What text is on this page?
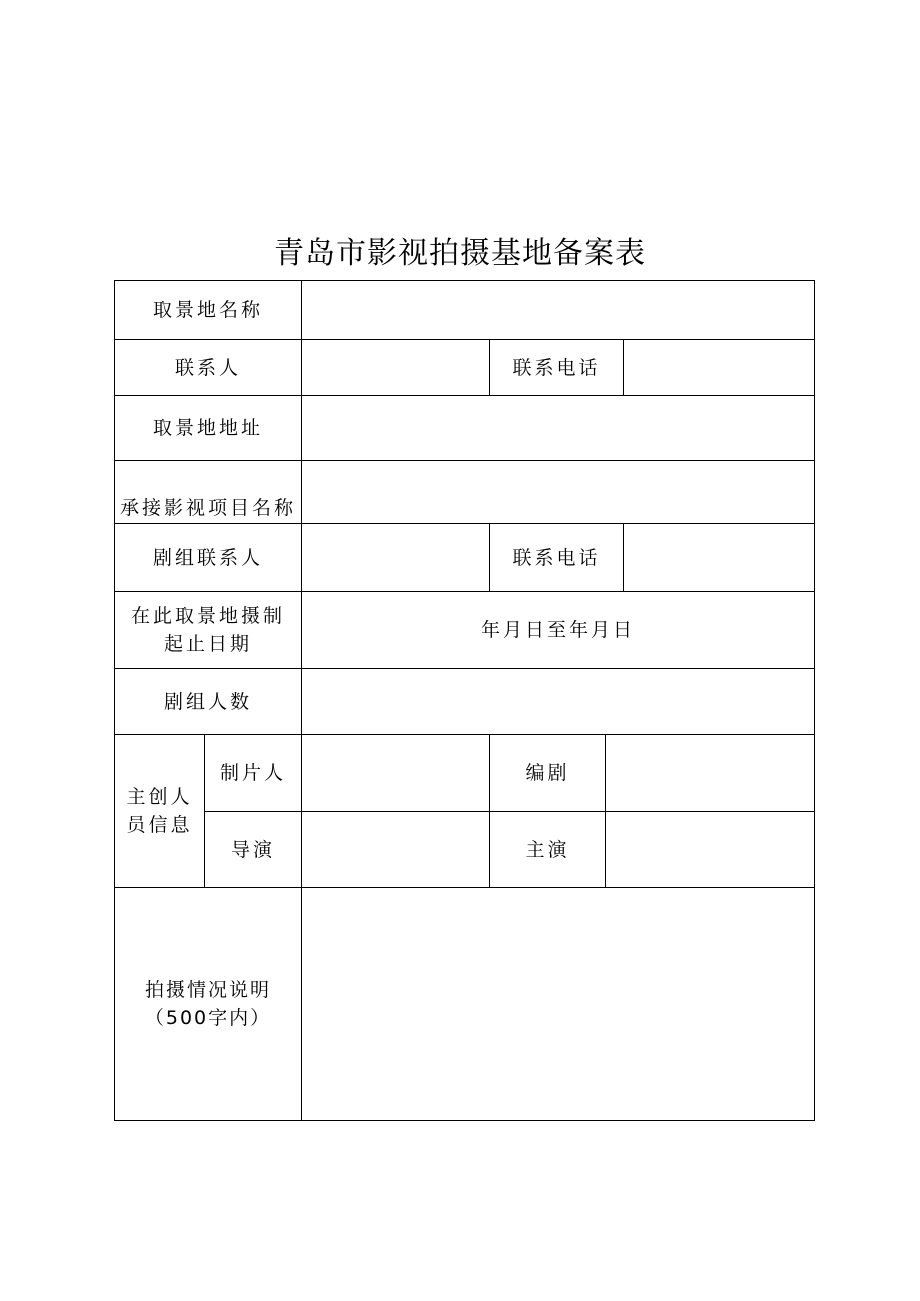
青岛市影视拍摄基地备案表
取景地名称					
联系人			联系电话		
取景地地址					
承接影视项目名称					
剧组联系人			联系电话		
在此取景地摄制起止日期		年月日至年月日			
剧组人数					
主创人员信息	制片人		编剧		
	导演		主演		
拍摄情况说明（500字内）					
